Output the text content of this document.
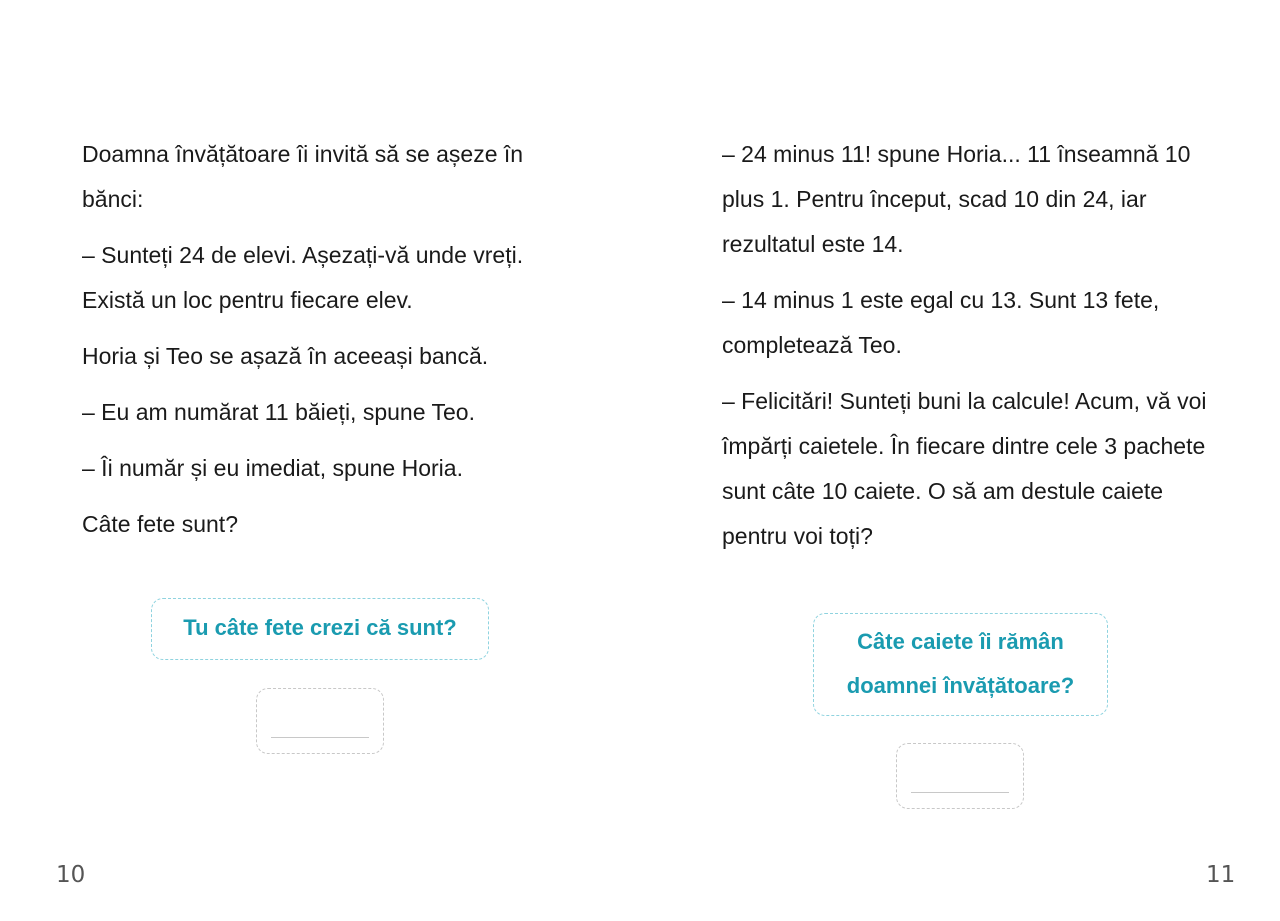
Doamna învățătoare îi invită să se așeze în bănci:

– Sunteți 24 de elevi. Așezați-vă unde vreți. Există un loc pentru fiecare elev.

Horia și Teo se așază în aceeași bancă.

– Eu am numărat 11 băieți, spune Teo.

– Îi număr și eu imediat, spune Horia.

Câte fete sunt?

Tu câte fete crezi că sunt?
10

– 24 minus 11! spune Horia... 11 înseamnă 10 plus 1. Pentru început, scad 10 din 24, iar rezultatul este 14.

– 14 minus 1 este egal cu 13. Sunt 13 fete, completează Teo.

– Felicitări! Sunteți buni la calcule! Acum, vă voi împărți caietele. În fiecare dintre cele 3 pachete sunt câte 10 caiete. O să am destule caiete pentru voi toți?

Câte caiete îi rămân
doamnei învățătoare?
11
